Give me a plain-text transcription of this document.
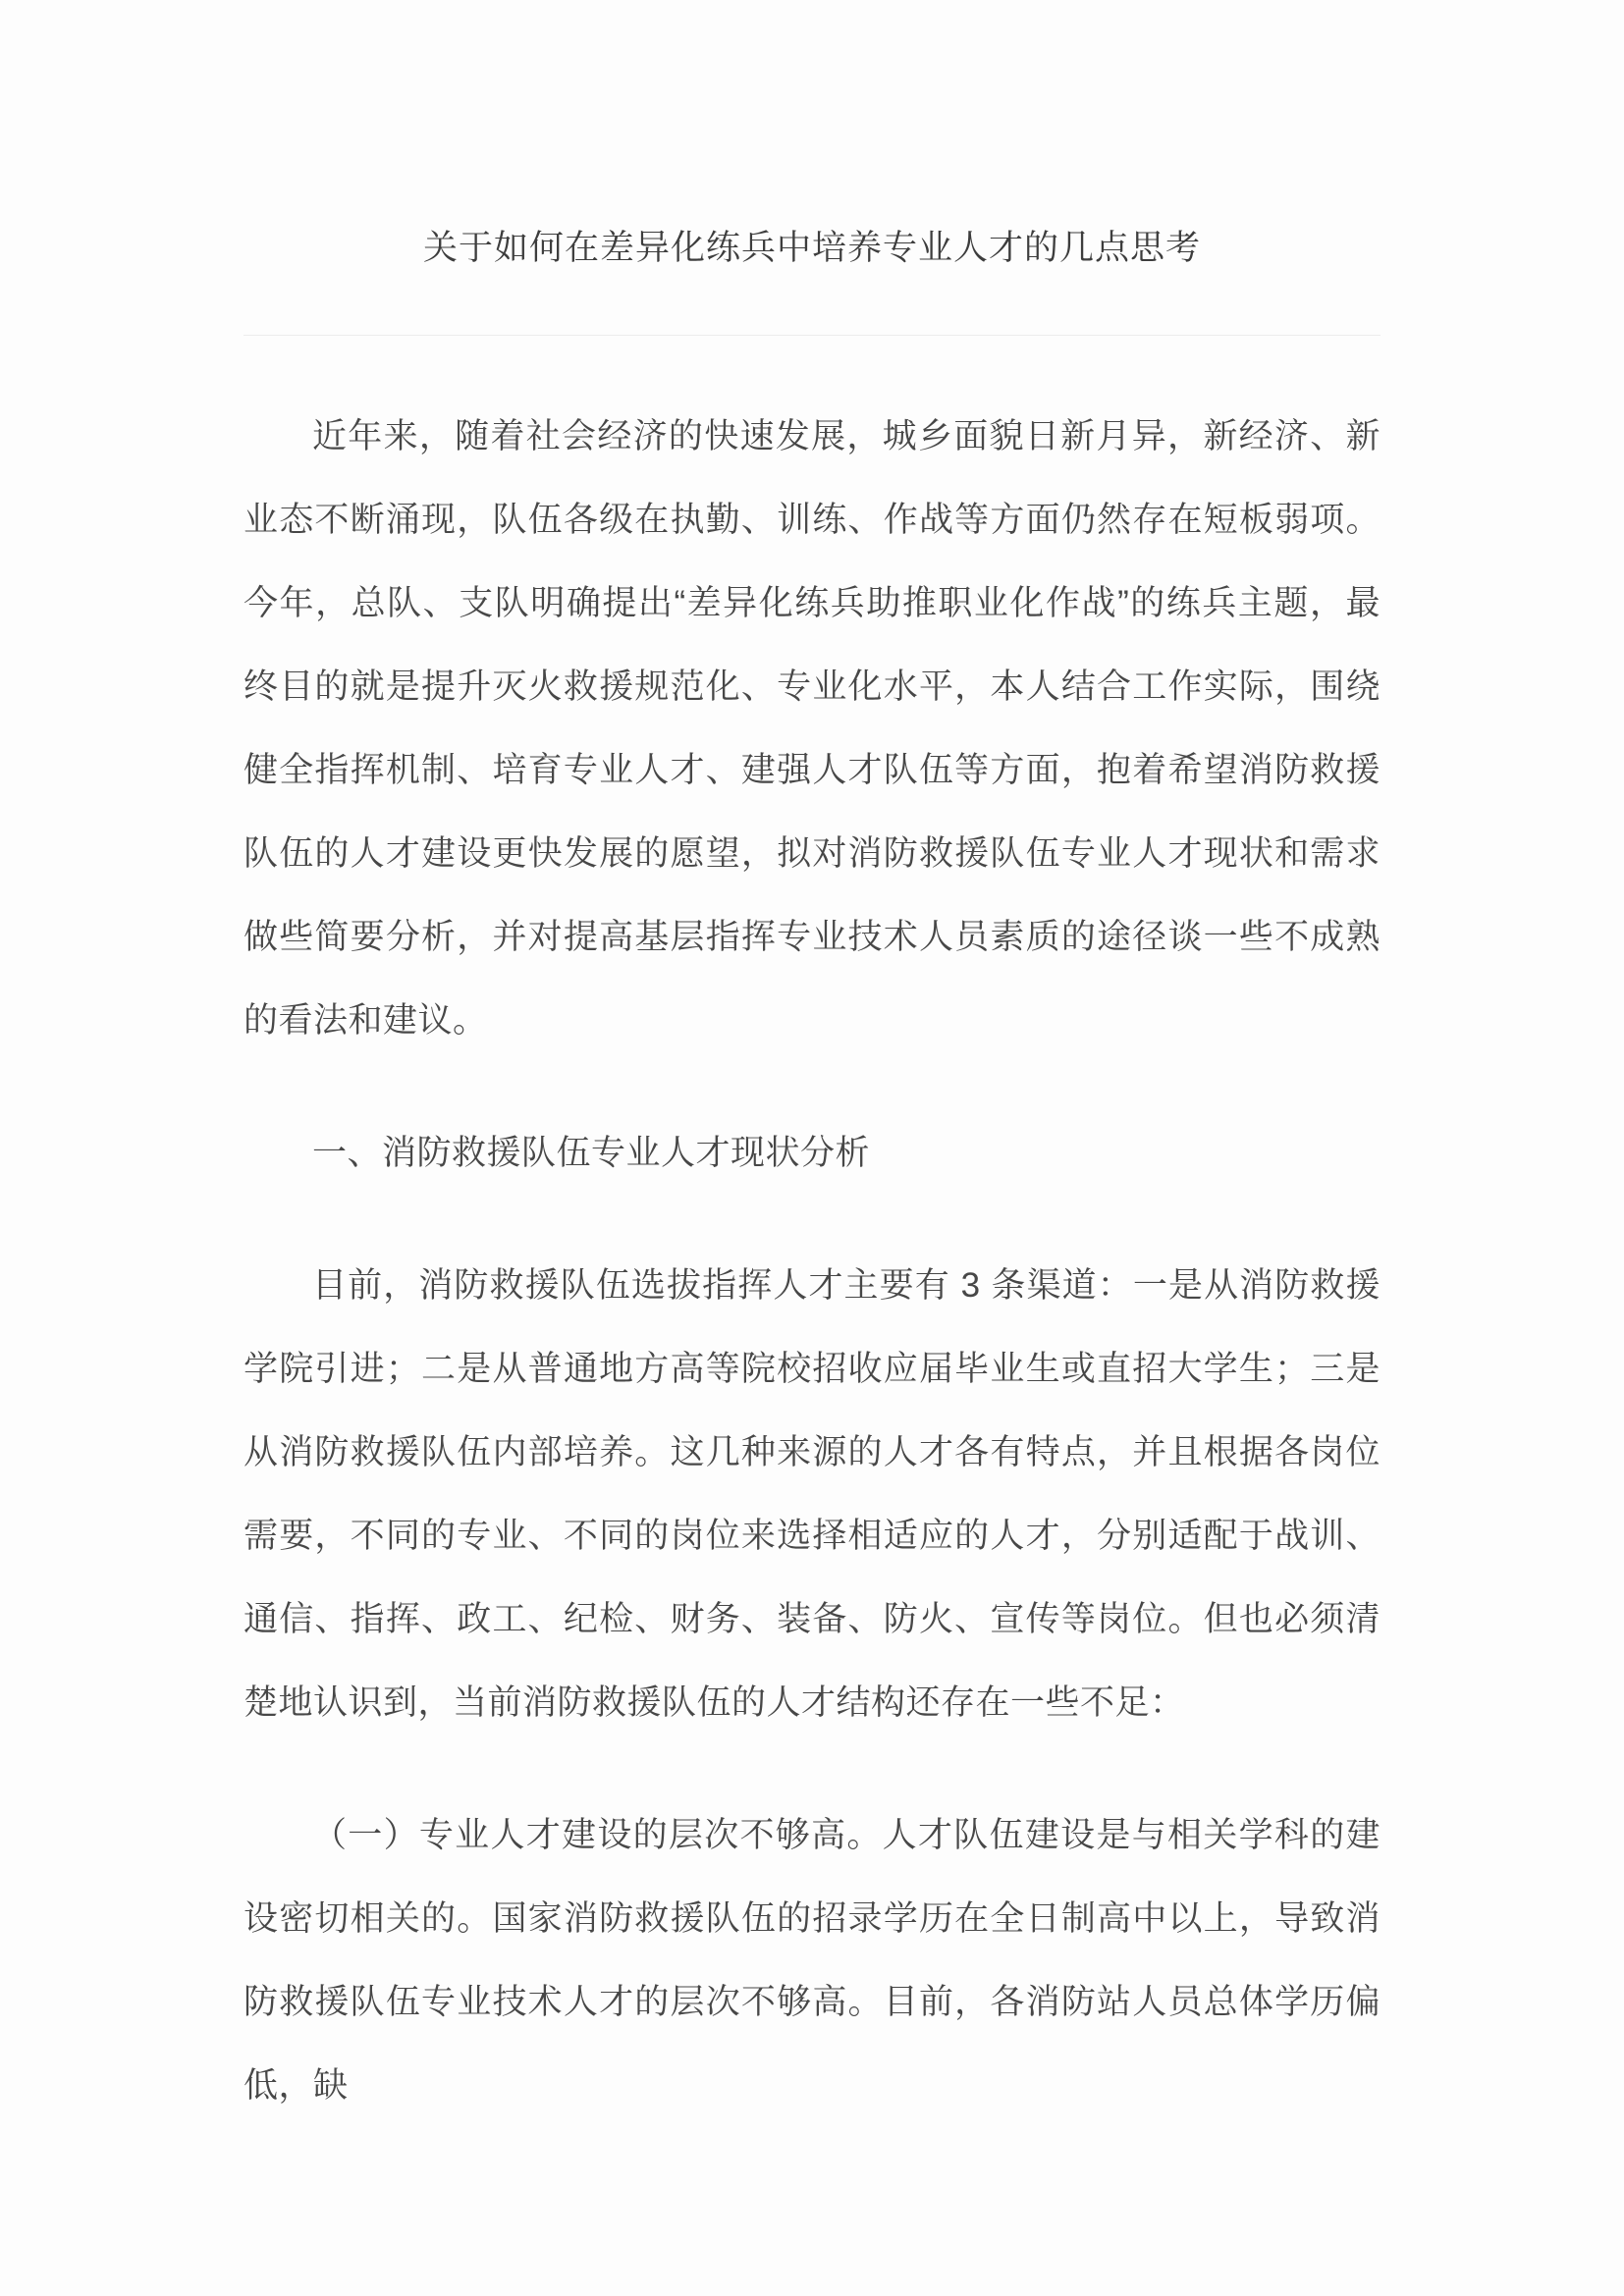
关于如何在差异化练兵中培养专业人才的几点思考

近年来，随着社会经济的快速发展，城乡面貌日新月异，新经济、新业态不断涌现，队伍各级在执勤、训练、作战等方面仍然存在短板弱项。今年，总队、支队明确提出“差异化练兵助推职业化作战”的练兵主题，最终目的就是提升灭火救援规范化、专业化水平，本人结合工作实际，围绕健全指挥机制、培育专业人才、建强人才队伍等方面，抱着希望消防救援队伍的人才建设更快发展的愿望，拟对消防救援队伍专业人才现状和需求做些简要分析，并对提高基层指挥专业技术人员素质的途径谈一些不成熟的看法和建议。

一、消防救援队伍专业人才现状分析

目前，消防救援队伍选拔指挥人才主要有 3 条渠道：一是从消防救援学院引进；二是从普通地方高等院校招收应届毕业生或直招大学生；三是从消防救援队伍内部培养。这几种来源的人才各有特点，并且根据各岗位需要，不同的专业、不同的岗位来选择相适应的人才，分别适配于战训、通信、指挥、政工、纪检、财务、装备、防火、宣传等岗位。但也必须清楚地认识到，当前消防救援队伍的人才结构还存在一些不足：

（一）专业人才建设的层次不够高。人才队伍建设是与相关学科的建设密切相关的。国家消防救援队伍的招录学历在全日制高中以上，导致消防救援队伍专业技术人才的层次不够高。目前，各消防站人员总体学历偏低，缺
